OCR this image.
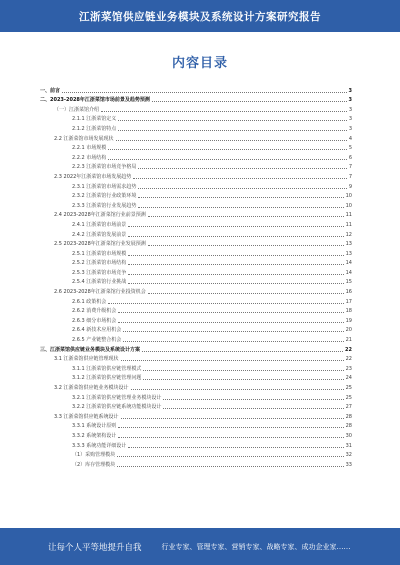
江浙菜馆供应链业务模块及系统设计方案研究报告
内容目录
一、前言	3
二、2023-2028年江浙菜馆市场前景及趋势预测	3
（一）江浙菜馆介绍	3
2.1.1 江浙菜馆定义	3
2.1.2 江浙菜馆特点	3
2.2 江浙菜馆市场发展现状	4
2.2.1 市场规模	5
2.2.2 市场结构	6
2.2.3 江浙菜馆市场竞争格局	7
2.3 2022年江浙菜馆市场发展趋势	7
2.3.1 江浙菜馆市场需求趋势	9
2.3.2 江浙菜馆行业政策环境	10
2.3.3 江浙菜馆行业发展趋势	10
2.4 2023-2028年江浙菜馆行业前景预测	11
2.4.1 江浙菜馆市场前景	11
2.4.2 江浙菜馆发展前景	12
2.5 2023-2028年江浙菜馆行业发展预测	13
2.5.1 江浙菜馆市场规模	13
2.5.2 江浙菜馆市场结构	14
2.5.3 江浙菜馆市场竞争	14
2.5.4 江浙菜馆行业挑战	15
2.6 2023-2028年江浙菜馆行业投资机会	16
2.6.1 政策机会	17
2.6.2 消费升级机会	18
2.6.3 细分市场机会	19
2.6.4 新技术应用机会	20
2.6.5 产业链整合机会	21
三、江浙菜馆供应链业务模块及系统设计方案	22
3.1 江浙菜馆供应链管理现状	22
3.1.1 江浙菜馆供应链管理模式	23
3.1.2 江浙菜馆供应链管理问题	24
3.2 江浙菜馆供应链业务模块设计	25
3.2.1 江浙菜馆供应链管理业务模块设计	25
3.2.2 江浙菜馆供应链系统功能模块设计	27
3.3 江浙菜馆供应链系统设计	28
3.3.1 系统设计原则	28
3.3.2 系统架构设计	30
3.3.3 系统功能详细设计	31
（1）采购管理模块	32
（2）库存管理模块	33
让每个人平等地提升自我	行业专家、管理专家、营销专家、战略专家、成功企业家……
